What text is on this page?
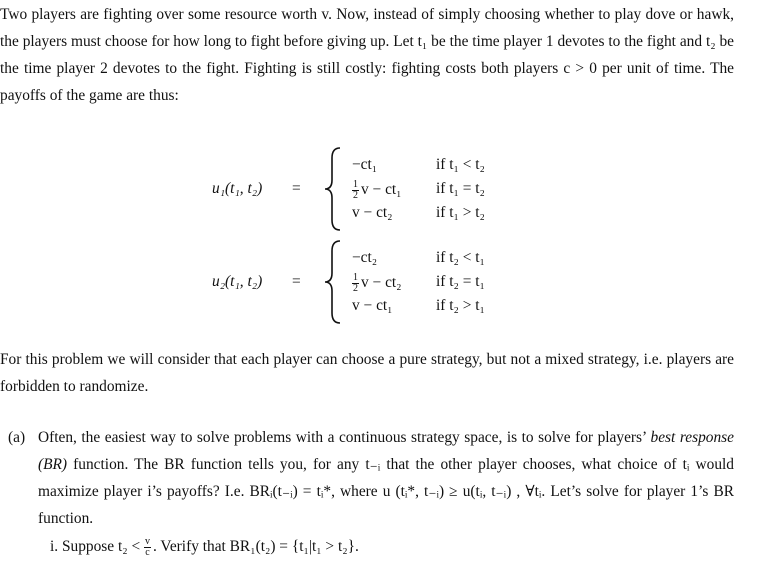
Two players are fighting over some resource worth v. Now, instead of simply choosing whether to play dove or hawk, the players must choose for how long to fight before giving up. Let t₁ be the time player 1 devotes to the fight and t₂ be the time player 2 devotes to the fight. Fighting is still costly: fighting costs both players c > 0 per unit of time. The payoffs of the game are thus:
u₁(t₁, t₂) =
−ct₁	if t₁ < t₂
$\frac{1}{2}$ v − ct₁ if t₁ = t₂
v − ct₂	if t₁ > t₂
u₂(t₁, t₂) =
−ct₂	if t₂ < t₁
$\frac{1}{2}$ v − ct₂ if t₂ = t₁
v − ct₁	if t₂ > t₁
For this problem we will consider that each player can choose a pure strategy, but not a mixed strategy, i.e. players are forbidden to randomize.
(a) Often, the easiest way to solve problems with a continuous strategy space, is to solve for players’ best response (BR) function. The BR function tells you, for any t₋ᵢ that the other player chooses, what choice of tᵢ would maximize player i’s payoffs? I.e. BRᵢ(t₋ᵢ) = tᵢ*, where u (tᵢ*, t₋ᵢ) ≥ u(tᵢ, t₋ᵢ) , ∀tᵢ. Let’s solve for player 1’s BR function.
i. Suppose $t_2 < \frac{v}{c}$ . Verify that BR₁(t₂) = {t₁|t₁ > t₂}.
